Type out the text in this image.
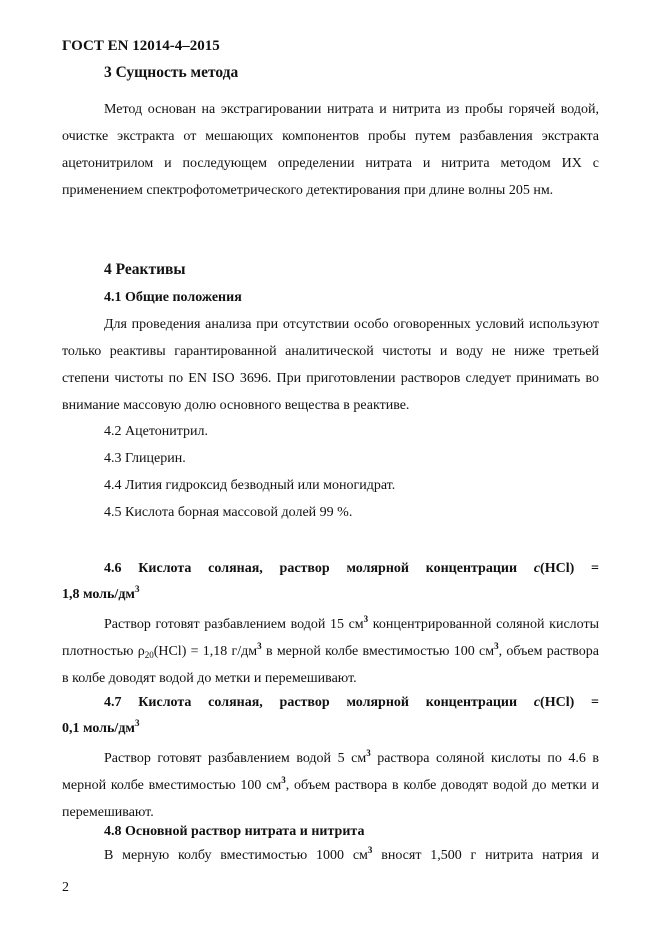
ГОСТ EN 12014-4–2015
3 Сущность метода
Метод основан на экстрагировании нитрата и нитрита из пробы горячей водой, очистке экстракта от мешающих компонентов пробы путем разбавления экстракта ацетонитрилом и последующем определении нитрата и нитрита методом ИХ с применением спектрофотометрического детектирования при длине волны 205 нм.
4 Реактивы
4.1 Общие положения
Для проведения анализа при отсутствии особо оговоренных условий используют только реактивы гарантированной аналитической чистоты и воду не ниже третьей степени чистоты по EN ISO 3696. При приготовлении растворов следует принимать во внимание массовую долю основного вещества в реактиве.
4.2 Ацетонитрил.
4.3 Глицерин.
4.4 Лития гидроксид безводный или моногидрат.
4.5 Кислота борная массовой долей 99 %.
4.6 Кислота соляная, раствор молярной концентрации c(HCl) =
1,8 моль/$дм^3$
Раствор готовят разбавлением водой 15 $см^3$ концентрированной соляной кислоты плотностью $\rho_{20}(HCl) = 1,18$ $г/дм^3$ в мерной колбе вместимостью 100 $см^3$, объем раствора в колбе доводят водой до метки и перемешивают.
4.7 Кислота соляная, раствор молярной концентрации c(HCl) =
0,1 моль/$дм^3$
Раствор готовят разбавлением водой 5 $см^3$ раствора соляной кислоты по 4.6 в мерной колбе вместимостью 100 $см^3$, объем раствора в колбе доводят водой до метки и перемешивают.
4.8 Основной раствор нитрата и нитрита
В мерную колбу вместимостью 1000 $см^3$ вносят 1,500 г нитрита натрия и
2
